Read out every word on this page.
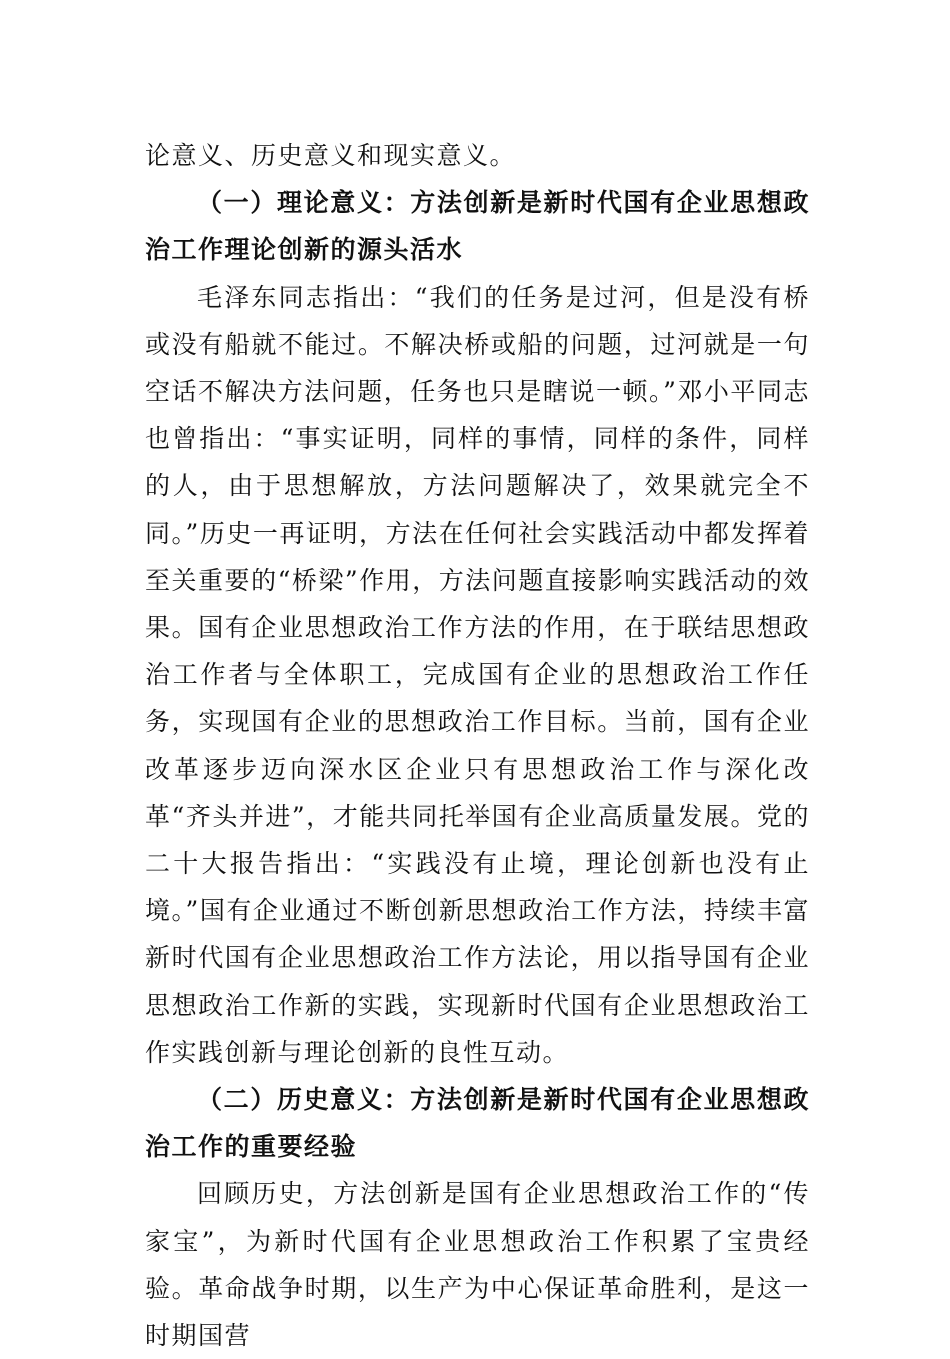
论意义、历史意义和现实意义。

（一）理论意义：方法创新是新时代国有企业思想政治工作理论创新的源头活水

毛泽东同志指出：“我们的任务是过河，但是没有桥或没有船就不能过。不解决桥或船的问题，过河就是一句空话不解决方法问题，任务也只是瞎说一顿。”邓小平同志也曾指出：“事实证明，同样的事情，同样的条件，同样的人，由于思想解放，方法问题解决了，效果就完全不同。”历史一再证明，方法在任何社会实践活动中都发挥着至关重要的“桥梁”作用，方法问题直接影响实践活动的效果。国有企业思想政治工作方法的作用，在于联结思想政治工作者与全体职工，完成国有企业的思想政治工作任务，实现国有企业的思想政治工作目标。当前，国有企业改革逐步迈向深水区企业只有思想政治工作与深化改革“齐头并进”，才能共同托举国有企业高质量发展。党的二十大报告指出：“实践没有止境，理论创新也没有止境。”国有企业通过不断创新思想政治工作方法，持续丰富新时代国有企业思想政治工作方法论，用以指导国有企业思想政治工作新的实践，实现新时代国有企业思想政治工作实践创新与理论创新的良性互动。

（二）历史意义：方法创新是新时代国有企业思想政治工作的重要经验

回顾历史，方法创新是国有企业思想政治工作的“传家宝”，为新时代国有企业思想政治工作积累了宝贵经验。革命战争时期，以生产为中心保证革命胜利，是这一时期国营
